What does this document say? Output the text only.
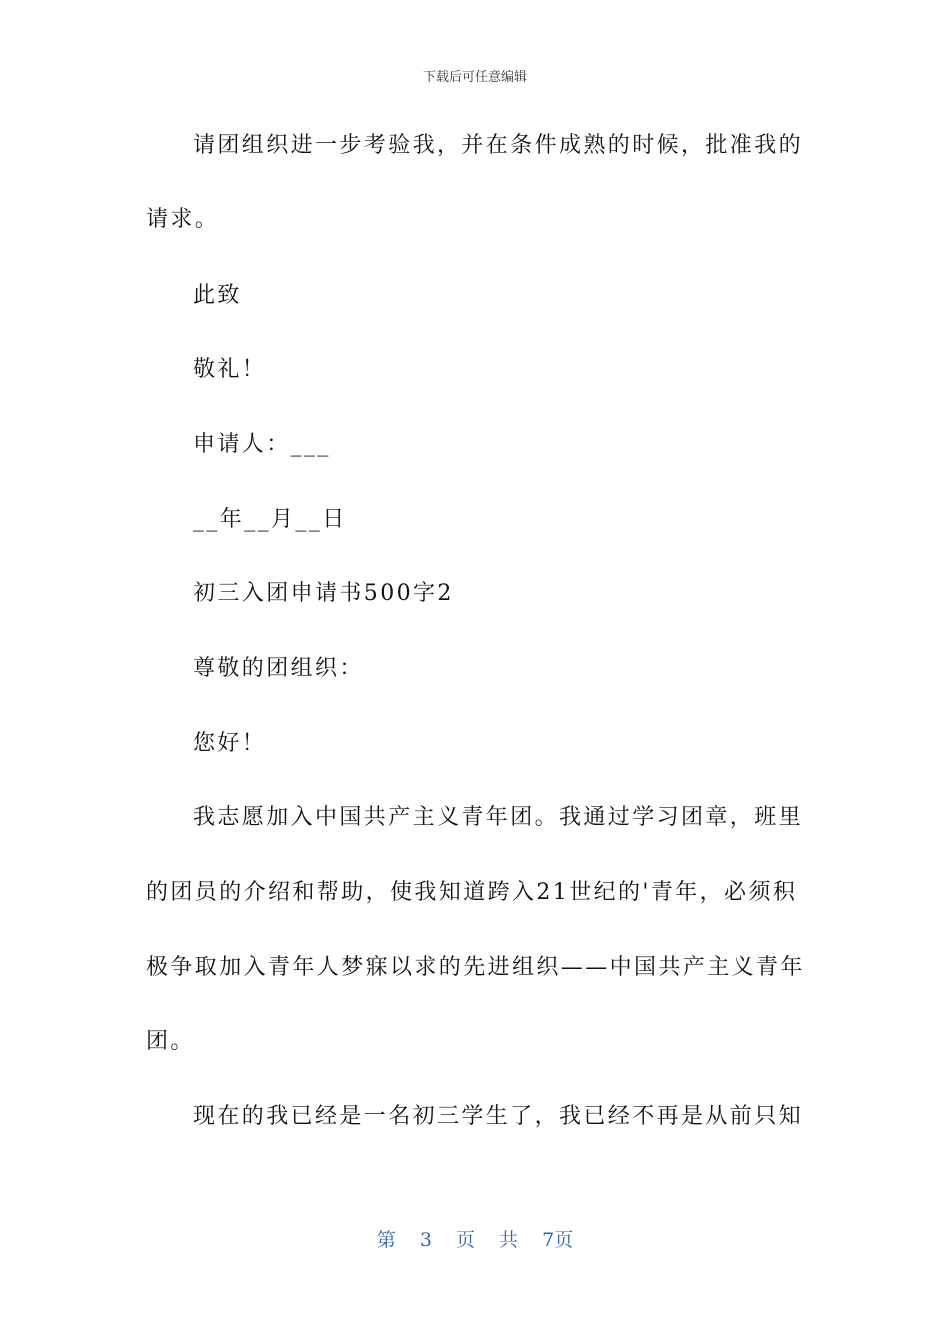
下载后可任意编辑
请团组织进一步考验我，并在条件成熟的时候，批准我的
请求。
此致
敬礼！
申请人：___
__年__月__日
初三入团申请书500字2
尊敬的团组织：
您好！
我志愿加入中国共产主义青年团。我通过学习团章，班里
的团员的介绍和帮助，使我知道跨入21世纪的'青年，必须积
极争取加入青年人梦寐以求的先进组织——中国共产主义青年
团。
现在的我已经是一名初三学生了，我已经不再是从前只知
第 3 页 共 7页
